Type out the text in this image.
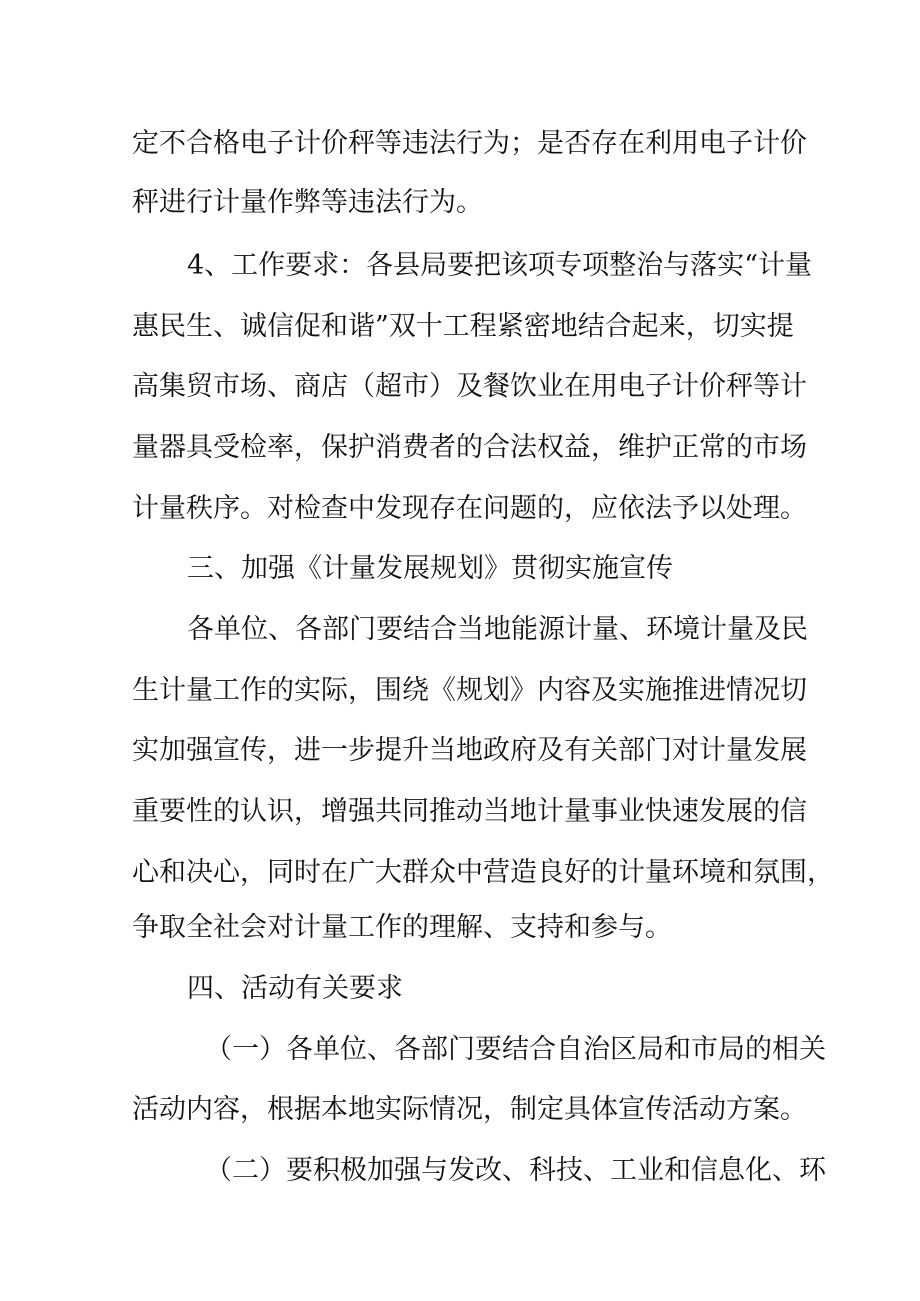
定不合格电子计价秤等违法行为；是否存在利用电子计价
秤进行计量作弊等违法行为。
4、工作要求：各县局要把该项专项整治与落实“计量
惠民生、诚信促和谐”双十工程紧密地结合起来，切实提
高集贸市场、商店（超市）及餐饮业在用电子计价秤等计
量器具受检率，保护消费者的合法权益，维护正常的市场
计量秩序。对检查中发现存在问题的，应依法予以处理。
三、加强《计量发展规划》贯彻实施宣传
各单位、各部门要结合当地能源计量、环境计量及民
生计量工作的实际，围绕《规划》内容及实施推进情况切
实加强宣传，进一步提升当地政府及有关部门对计量发展
重要性的认识，增强共同推动当地计量事业快速发展的信
心和决心，同时在广大群众中营造良好的计量环境和氛围，
争取全社会对计量工作的理解、支持和参与。
四、活动有关要求
（一）各单位、各部门要结合自治区局和市局的相关
活动内容，根据本地实际情况，制定具体宣传活动方案。
（二）要积极加强与发改、科技、工业和信息化、环
